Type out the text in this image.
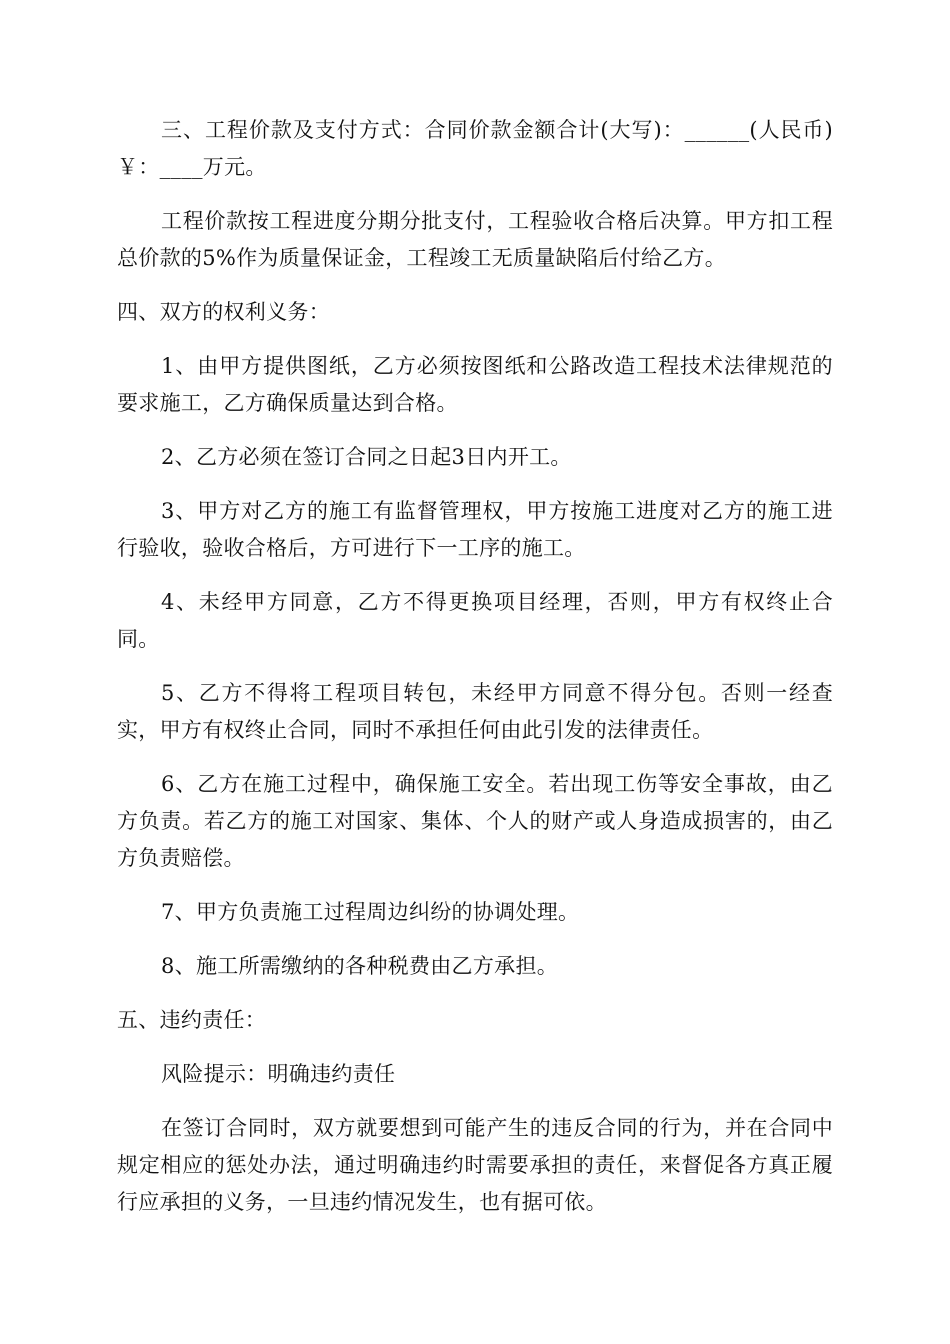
三、工程价款及支付方式：合同价款金额合计(大写)：______(人民币)￥：____万元。

工程价款按工程进度分期分批支付，工程验收合格后决算。甲方扣工程总价款的5%作为质量保证金，工程竣工无质量缺陷后付给乙方。

四、双方的权利义务：

1、由甲方提供图纸，乙方必须按图纸和公路改造工程技术法律规范的要求施工，乙方确保质量达到合格。

2、乙方必须在签订合同之日起3日内开工。

3、甲方对乙方的施工有监督管理权，甲方按施工进度对乙方的施工进行验收，验收合格后，方可进行下一工序的施工。

4、未经甲方同意，乙方不得更换项目经理，否则，甲方有权终止合同。

5、乙方不得将工程项目转包，未经甲方同意不得分包。否则一经查实，甲方有权终止合同，同时不承担任何由此引发的法律责任。

6、乙方在施工过程中，确保施工安全。若出现工伤等安全事故，由乙方负责。若乙方的施工对国家、集体、个人的财产或人身造成损害的，由乙方负责赔偿。

7、甲方负责施工过程周边纠纷的协调处理。

8、施工所需缴纳的各种税费由乙方承担。

五、违约责任：

风险提示：明确违约责任

在签订合同时，双方就要想到可能产生的违反合同的行为，并在合同中规定相应的惩处办法，通过明确违约时需要承担的责任，来督促各方真正履行应承担的义务，一旦违约情况发生，也有据可依。
